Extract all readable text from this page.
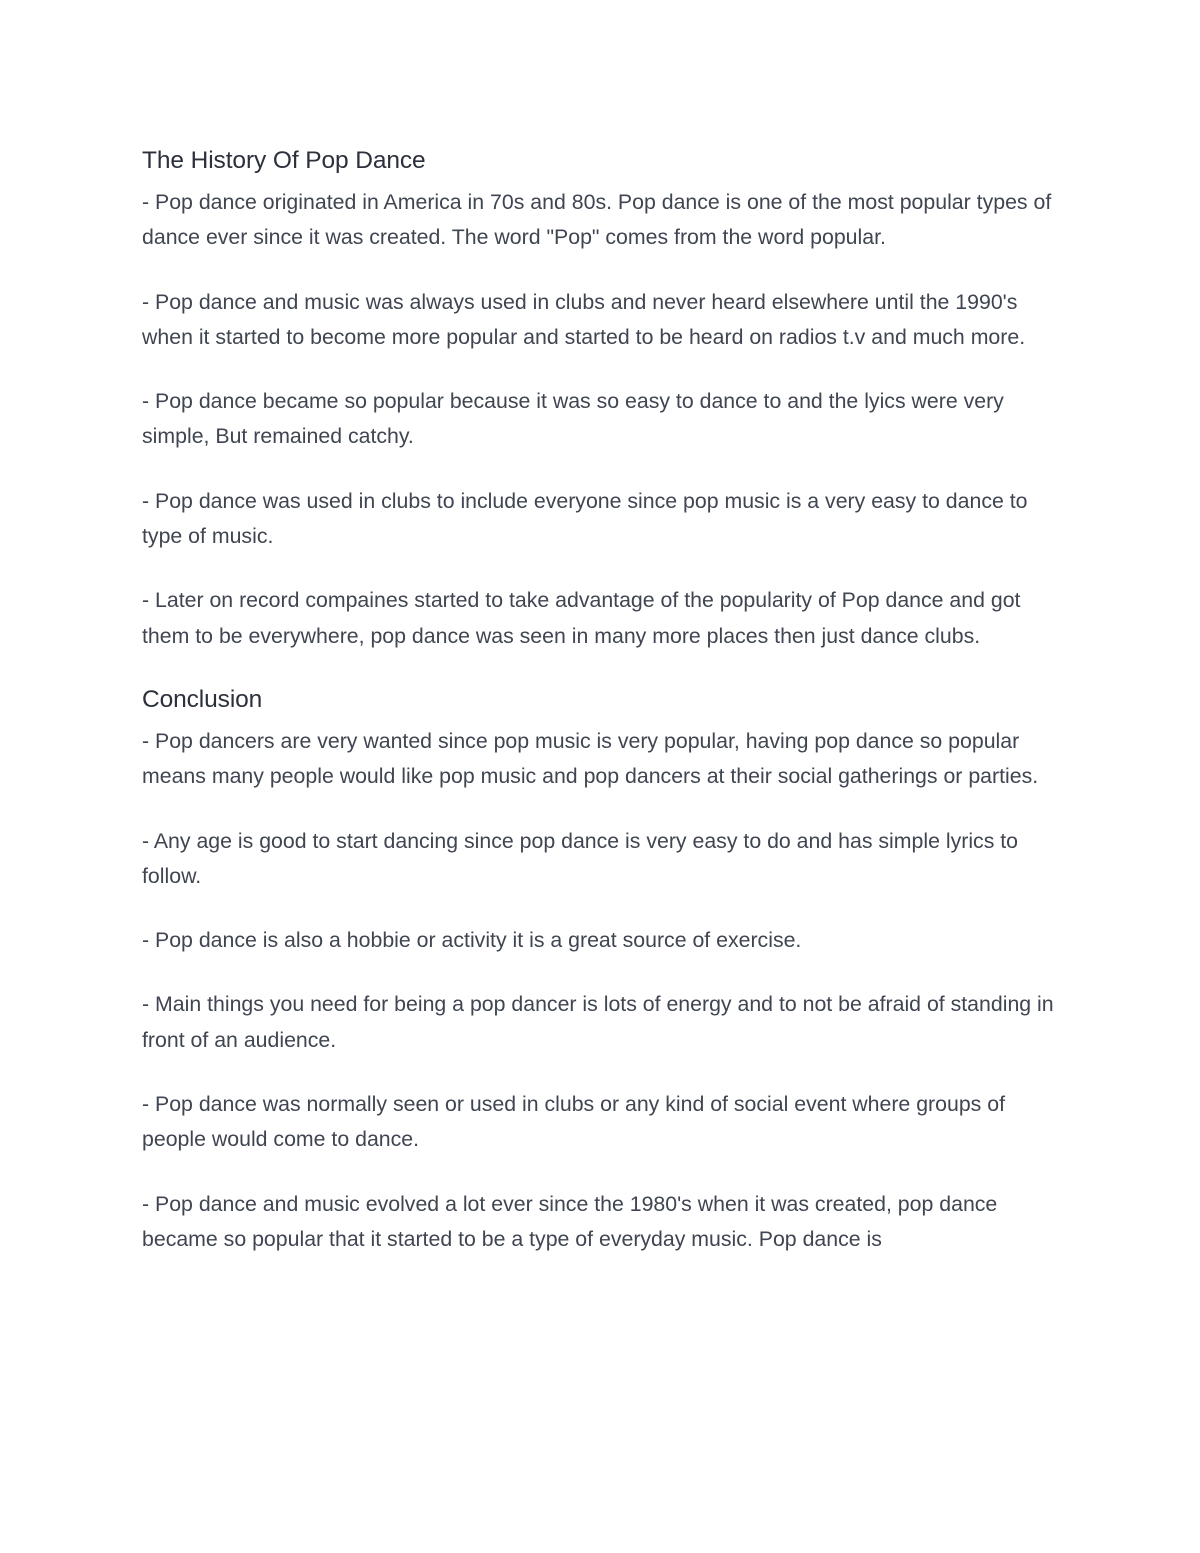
The History Of Pop Dance

- Pop dance originated in America in 70s and 80s. Pop dance is one of the most popular types of dance ever since it was created. The word "Pop" comes from the word popular.

- Pop dance and music was always used in clubs and never heard elsewhere until the 1990's when it started to become more popular and started to be heard on radios t.v and much more.

- Pop dance became so popular because it was so easy to dance to and the lyics were very simple, But remained catchy.

- Pop dance was used in clubs to include everyone since pop music is a very easy to dance to type of music.

- Later on record compaines started to take advantage of the popularity of Pop dance and got them to be everywhere, pop dance was seen in many more places then just dance clubs.

Conclusion

- Pop dancers are very wanted since pop music is very popular, having pop dance so popular means many people would like pop music and pop dancers at their social gatherings or parties.

- Any age is good to start dancing since pop dance is very easy to do and has simple lyrics to follow.

- Pop dance is also a hobbie or activity it is a great source of exercise.

- Main things you need for being a pop dancer is lots of energy and to not be afraid of standing in front of an audience.

- Pop dance was normally seen or used in clubs or any kind of social event where groups of people would come to dance.

- Pop dance and music evolved a lot ever since the 1980's when it was created, pop dance became so popular that it started to be a type of everyday music. Pop dance is
